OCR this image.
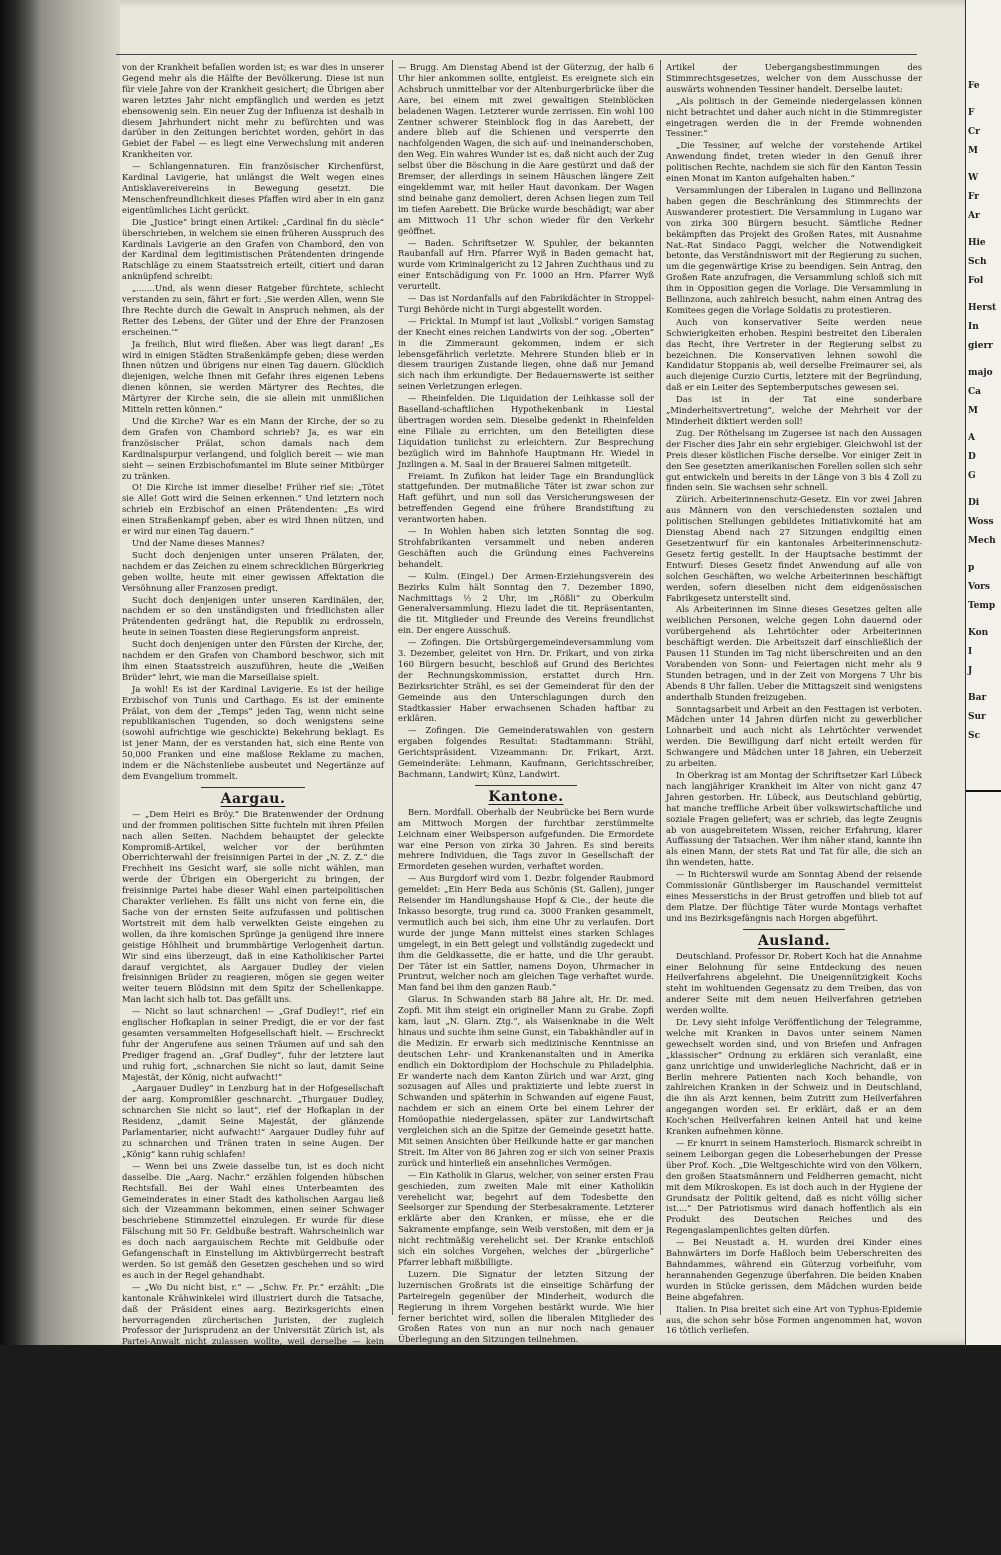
von der Krankheit befallen worden ist; es war dies in unserer Gegend mehr als die Hälfte der Bevölkerung. Diese ist nun für viele Jahre von der Krankheit gesichert; die Übrigen aber waren letztes Jahr nicht empfänglich und werden es jetzt ebensowenig sein. Ein neuer Zug der Influenza ist deshalb in diesem Jahrhundert nicht mehr zu befürchten und was darüber in den Zeitungen berichtet worden, gehört in das Gebiet der Fabel — es liegt eine Verwechslung mit anderen Krankheiten vor.

— Schlangennaturen. Ein französischer Kirchenfürst, Kardinal Lavigerie, hat unlängst die Welt wegen eines Antisklavereivereins in Bewegung gesetzt. Die Menschenfreundlichkeit dieses Pfaffen wird aber in ein ganz eigentümliches Licht gerückt.

Die „Justice“ bringt einen Artikel: „Cardinal fin du siècle“ überschrieben, in welchem sie einen früheren Ausspruch des Kardinals Lavigerie an den Grafen von Chambord, den von der Kardinal dem legitimistischen Prätendenten dringende Ratschläge zu einem Staatsstreich erteilt, citiert und daran anknüpfend schreibt:

„.......Und, als wenn dieser Ratgeber fürchtete, schlecht verstanden zu sein, fährt er fort: ‚Sie werden Allen, wenn Sie Ihre Rechte durch die Gewalt in Anspruch nehmen, als der Retter des Lebens, der Güter und der Ehre der Franzosen erscheinen.‘“

Ja freilich, Blut wird fließen. Aber was liegt daran! „Es wird in einigen Städten Straßenkämpfe geben; diese werden Ihnen nützen und übrigens nur einen Tag dauern. Glücklich diejenigen, welche Ihnen mit Gefahr ihres eigenen Lebens dienen können, sie werden Märtyrer des Rechtes, die Märtyrer der Kirche sein, die sie allein mit unmißlichen Mitteln retten können.“

Und die Kirche? War es ein Mann der Kirche, der so zu dem Grafen von Chambord schrieb? Ja, es war ein französischer Prälat, schon damals nach dem Kardinalspurpur verlangend, und folglich bereit — wie man sieht — seinen Erzbischofsmantel im Blute seiner Mitbürger zu tränken.

O! Die Kirche ist immer dieselbe! Früher rief sie: „Tötet sie Alle! Gott wird die Seinen erkennen.“ Und letztern noch schrieb ein Erzbischof an einen Prätendenten: „Es wird einen Straßenkampf geben, aber es wird Ihnen nützen, und er wird nur einen Tag dauern.“

Und der Name dieses Mannes?

Sucht doch denjenigen unter unseren Prälaten, der, nachdem er das Zeichen zu einem schrecklichen Bürgerkrieg geben wollte, heute mit einer gewissen Affektation die Versöhnung aller Franzosen predigt.

Sucht doch denjenigen unter unseren Kardinälen, der, nachdem er so den unständigsten und friedlichsten aller Prätendenten gedrängt hat, die Republik zu erdrosseln, heute in seinen Toasten diese Regierungsform anpreist.

Sucht doch denjenigen unter den Fürsten der Kirche, der, nachdem er den Grafen von Chambord beschwor, sich mit ihm einen Staatsstreich auszuführen, heute die „Weißen Brüder“ lehrt, wie man die Marseillaise spielt.

Ja wohl! Es ist der Kardinal Lavigerie. Es ist der heilige Erzbischof von Tunis und Carthago. Es ist der eminente Prälat, von dem der „Temps“ jeden Tag, wenn nicht seine republikanischen Tugenden, so doch wenigstens seine (sowohl aufrichtige wie geschickte) Bekehrung beklagt. Es ist jener Mann, der es verstanden hat, sich eine Rente von 50,000 Franken und eine maßlose Reklame zu machen, indem er die Nächstenliebe ausbeutet und Negertänze auf dem Evangelium trommelt.

Aargau.

— „Dem Heiri es Bröy.“ Die Bratenwender der Ordnung und der frommen politischen Sitte fuchteln mit ihren Pfeilen nach allen Seiten. Nachdem behauptet der geleckte Kompromiß-Artikel, welcher vor der berühmten Oberrichterwahl der freisinnigen Partei in der „N. Z. Z.“ die Frechheit ins Gesicht warf, sie solle nicht wählen, man werde der Übrigen ein Obergericht zu bringen, der freisinnige Partei habe dieser Wahl einen parteipolitischen Charakter verliehen. Es fällt uns nicht von ferne ein, die Sache von der ernsten Seite aufzufassen und politischen Wortstreit mit dem halb verwelkten Geiste eingehen zu wollen, da ihre komischen Sprünge ja genügend ihre innere geistige Höhlheit und brummbärtige Verlogenheit dartun. Wir sind eins überzeugt, daß in eine Katholikischer Partei darauf vergichtet, als Aargauer Dudley der vielen freisinnigen Brüder zu reagieren, mögen sie gegen weiter weiter teuern Blödsinn mit dem Spitz der Schellenkappe. Man lacht sich halb tot. Das gefällt uns.

— Nicht so laut schnarchen! — „Graf Dudley!“, rief ein englischer Hofkaplan in seiner Predigt, die er vor der fast gesamten versammelten Hofgesellschaft hielt. — Erschreckt fuhr der Angerufene aus seinen Träumen auf und sah den Prediger fragend an. „Graf Dudley“, fuhr der letztere laut und ruhig fort, „schnarchen Sie nicht so laut, damit Seine Majestät, der König, nicht aufwacht!“

„Aargauer Dudley“ in Lenzburg hat in der Hofgesellschaft der aarg. Kompromißler geschnarcht. „Thurgauer Dudley, schnarchen Sie nicht so laut“, rief der Hofkaplan in der Residenz, „damit Seine Majestät, der glänzende Parlamentarier, nicht aufwacht!“ Aargauer Dudley fuhr auf zu schnarchen und Tränen traten in seine Augen. Der „König“ kann ruhig schlafen!

— Wenn bei uns Zweie dasselbe tun, ist es doch nicht dasselbe. Die „Aarg. Nachr.“ erzählen folgenden hübschen Rechtsfall. Bei der Wahl eines Unterbeamten des Gemeinderates in einer Stadt des katholischen Aargau ließ sich der Vizeammann bekommen, einen seiner Schwager beschriebene Stimmzettel einzulegen. Er wurde für diese Fälschung mit 50 Fr. Geldbuße bestraft. Wahrscheinlich war es doch nach aargauischem Rechte mit Geldbuße oder Gefangenschaft in Einstellung im Aktivbürgerrecht bestraft werden. So ist gemäß den Gesetzen geschehen und so wird es auch in der Regel gehandhabt.

— „Wo Du nicht bist, r.“ — „Schw. Fr. Pr.“ erzählt: „Die kantonale Krähwinkelei wird illustriert durch die Tatsache, daß der Präsident eines aarg. Bezirksgerichts einen hervorragenden zürcherischen Juristen, der zugleich Professor der Jurisprudenz an der Universität Zürich ist, als Partei-Anwalt nicht zulassen wollte, weil derselbe — kein aargauisches Fürsprecherpatent hat!“

— Viehpolizei. In Anbetracht der neuen eidg. Vollziehungsverordnung zu den Viehseuchengesetzen, welche den Viehinspektoren namhafte Pflichten auferlegt, deren Nachachtung mit strenger Ahndung bedroht ist, findet das Verfahren nächster Tage für die Viehinspektoren unter Zuziehung der Bezirkstierärzte Kurse statt, in welchen diesen Beamten die Pflichten erläutert und dieselben in das Amt eingeführt werden.

— Brugg. Am Dienstag Abend ist der Güterzug, der halb 6 Uhr hier ankommen sollte, entgleist. Es ereignete sich ein Achsbruch unmittelbar vor der Altenburgerbrücke über die Aare, bei einem mit zwei gewaltigen Steinblöcken beladenen Wagen. Letzterer wurde zerrissen. Ein wohl 100 Zentner schwerer Steinblock flog in das Aarebett, der andere blieb auf die Schienen und versperrte den nachfolgenden Wagen, die sich auf- und ineinanderschoben, den Weg. Ein wahres Wunder ist es, daß nicht auch der Zug selbst über die Böschung in die Aare gestürzt und daß der Bremser, der allerdings in seinem Häuschen längere Zeit eingeklemmt war, mit heiler Haut davonkam. Der Wagen sind beinahe ganz demoliert, deren Achsen liegen zum Teil im tiefen Aarebett. Die Brücke wurde beschädigt; war aber am Mittwoch 11 Uhr schon wieder für den Verkehr geöffnet.

— Baden. Schriftsetzer W. Spuhler, der bekannten Raubanfall auf Hrn. Pfarrer Wyß in Baden gemacht hat, wurde vom Kriminalgericht zu 12 Jahren Zuchthaus und zu einer Entschädigung von Fr. 1000 an Hrn. Pfarrer Wyß verurteilt.

— Das ist Nordanfalls auf den Fabrikdächter in Stroppel-Turgi Behörde nicht in Turgi abgestellt worden.

— Fricktal. In Mumpf ist laut „Volksbl.“ vorigen Samstag der Knecht eines reichen Landwirts von der sog. „Oberten“ in die Zimmeraunt gekommen, indem er sich lebensgefährlich verletzte. Mehrere Stunden blieb er in diesem traurigen Zustande liegen, ohne daß nur Jemand sich nach ihm erkundigte. Der Bedauernswerte ist seither seinen Verletzungen erlegen.

— Rheinfelden. Die Liquidation der Leihkasse soll der Baselland-schaftlichen Hypothekenbank in Liestal übertragen worden sein. Dieselbe gedenkt in Rheinfelden eine Filiale zu errichten, um den Beteiligten diese Liquidation tunlichst zu erleichtern. Zur Besprechung bezüglich wird im Bahnhofe Hauptmann Hr. Wiedel in Jnzlingen a. M. Saal in der Brauerei Salmen mitgeteilt.

Freiamt. In Zufikon hat leider Tage ein Brandunglück stattgefunden. Der mutmaßliche Täter ist zwar schon zur Haft geführt, und nun soll das Versicherungswesen der betreffenden Gegend eine frühere Brandstiftung zu verantworten haben.

— In Wohlen haben sich letzten Sonntag die sog. Strohfabrikanten versammelt und neben anderen Geschäften auch die Gründung eines Fachvereins behandelt.

— Kulm. (Eingel.) Der Armen-Erziehungsverein des Bezirks Kulm hält Sonntag den 7. Dezember 1890, Nachmittags ½ 2 Uhr, im „Rößli“ zu Oberkulm Generalversammlung. Hiezu ladet die tit. Repräsentanten, die tit. Mitglieder und Freunde des Vereins freundlichst ein. Der engere Ausschuß.

— Zofingen. Die Ortsbürgergemeindeversammlung vom 3. Dezember, geleitet von Hrn. Dr. Frikart, und von zirka 160 Bürgern besucht, beschloß auf Grund des Berichtes der Rechnungskommission, erstattet durch Hrn. Bezirksrichter Strähl, es sei der Gemeinderat für den der Gemeinde aus den Unterschlagungen durch den Stadtkassier Haber erwachsenen Schaden haftbar zu erklären.

— Zofingen. Die Gemeinderatswahlen von gestern ergaben folgendes Resultat: Stadtammann: Strähl, Gerichtspräsident. Vizeammann: Dr. Frikart, Arzt. Gemeinderäte: Lehmann, Kaufmann, Gerichtsschreiber, Bachmann, Landwirt; Künz, Landwirt.

Kantone.

Bern. Mordfall. Oberhalb der Neubrücke bei Bern wurde am Mittwoch Morgen der furchtbar zerstümmelte Leichnam einer Weibsperson aufgefunden. Die Ermordete war eine Person von zirka 30 Jahren. Es sind bereits mehrere Individuen, die Tags zuvor in Gesellschaft der Ermordeten gesehen wurden, verhaftet worden.

— Aus Burgdorf wird vom 1. Dezbr. folgender Raubmord gemeldet: „Ein Herr Beda aus Schönis (St. Gallen), junger Reisender im Handlungshause Hopf & Cie., der heute die Inkasso besorgte, trug rund ca. 3000 Franken gesammelt, vermutlich auch bei sich, ihm eine Uhr zu verlaufen. Dort wurde der junge Mann mittelst eines starken Schlages umgelegt, in ein Bett gelegt und vollständig zugedeckt und ihm die Geldkassette, die er hatte, und die Uhr geraubt. Der Täter ist ein Sattler, namens Doyon, Uhrmacher in Pruntrut, welcher noch am gleichen Tage verhaftet wurde. Man fand bei ihm den ganzen Raub.“

Glarus. In Schwanden starb 88 Jahre alt, Hr. Dr. med. Zopfi. Mit ihm steigt ein origineller Mann zu Grabe. Zopfi kam, laut „N. Glarn. Ztg.“, als Waisenknabe in die Welt hinaus und suchte ihm seine Gunst, ein Tabakhändler auf in die Medizin. Er erwarb sich medizinische Kenntnisse an deutschen Lehr- und Krankenanstalten und in Amerika endlich ein Doktordiplom der Hochschule zu Philadelphia. Er wanderte nach dem Kanton Zürich und war Arzt, ging sozusagen auf Alles und praktizierte und lebte zuerst in Schwanden und späterhin in Schwanden auf eigene Faust, nachdem er sich an einem Orte bei einem Lehrer der Homöopathie niedergelassen, später zur Landwirtschaft vergleichen sich an die Spitze der Gemeinde gesetzt hatte. Mit seinen Ansichten über Heilkunde hatte er gar manchen Streit. Im Alter von 86 Jahren zog er sich von seiner Praxis zurück und hinterließ ein ansehnliches Vermögen.

— Ein Katholik in Glarus, welcher, von seiner ersten Frau geschieden, zum zweiten Male mit einer Katholikin verehelicht war, begehrt auf dem Todesbette den Seelsorger zur Spendung der Sterbesakramente. Letzterer erklärte aber den Kranken, er müsse, ehe er die Sakramente empfange, sein Weib verstoßen, mit dem er ja nicht rechtmäßig verehelicht sei. Der Kranke entschloß sich ein solches Vorgehen, welches der „bürgerliche“ Pfarrer lebhaft mißbilligte.

Luzern. Die Signatur der letzten Sitzung der luzernischen Großrats ist die einseitige Schärfung der Parteiregeln gegenüber der Minderheit, wodurch die Regierung in ihrem Vorgehen bestärkt wurde. Wie hier ferner berichtet wird, sollen die liberalen Mitglieder des Großen Rates von nun an nur noch nach genauer Überlegung an den Sitzungen teilnehmen.

St. Gallen. Im Rheintal ist die Lust zur Auswanderung erwacht; aus Rheineck sind schon viele Personen nach Brasilien ausgewandert, und mehrere Familien nach der südamerikanischen Schweizerkolonie „Alpina“ abgereist und andere gedenken ihnen zu folgen, sobald sie sich nähere Nachrichten verschafft haben.

Solothurn. Staatshaushalt. Die Jahresrechnung pro 1889 schloß mit Fr. 1,794,982. 55 Einnahmen und Fr. 1,781,562. 92 Ausgaben, mit einem Ueberschuß der Einnahmen von Fr. 12,419. 63 ab; das Budget pro 1891 sieht Fr. 1,727,148 Einnahmen und Fr. 1,941,269 Ausgaben einen Ausgabenüberschuß von Fr. 214,121 vor. Die Berichte des Finanzdepartements gelangt für Hinblick auf das letztere Resultat, daß der Zeitpunkt nunmehr gekommen sei, den Staat in Form einer direkten Staatssteuer eine neue Einnahmsquelle zu verschaffen.

Tessin. Der Ausgleich im Kanton Tessin wird weiter gefährdet. Ein Teil der Freisinnigen erhebt sich gegen denjenigen

Artikel der Uebergangsbestimmungen des Stimmrechtsgesetzes, welcher von dem Ausschusse der auswärts wohnenden Tessiner handelt. Derselbe lautet:

„Als politisch in der Gemeinde niedergelassen können nicht betrachtet und daher auch nicht in die Stimmregister eingetragen werden die in der Fremde wohnenden Tessiner.“

„Die Tessiner, auf welche der vorstehende Artikel Anwendung findet, treten wieder in den Genuß ihrer politischen Rechte, nachdem sie sich für den Kanton Tessin einen Monat im Kanton aufgehalten haben.“

Versammlungen der Liberalen in Lugano und Bellinzona haben gegen die Beschränkung des Stimmrechts der Auswanderer protestiert. Die Versammlung in Lugano war von zirka 300 Bürgern besucht. Sämtliche Redner bekämpften das Projekt des Großen Rates, mit Ausnahme Nat.-Rat Sindaco Paggi, welcher die Notwendigkeit betonte, das Verständniswort mit der Regierung zu suchen, um die gegenwärtige Krise zu beendigen. Sein Antrag, den Großen Rate anzufragen, die Versammlung schloß sich mit ihm in Opposition gegen die Vorlage. Die Versammlung in Bellinzona, auch zahlreich besucht, nahm einen Antrag des Komitees gegen die Vorlage Soldatis zu protestieren.

Auch von konservativer Seite werden neue Schwierigkeiten erhoben. Respini bestreitet den Liberalen das Recht, ihre Vertreter in der Regierung selbst zu bezeichnen. Die Konservativen lehnen sowohl die Kandidatur Stoppanis ab, weil derselbe Freimaurer sei, als auch diejenige Curzio Curtis, letztere mit der Begründung, daß er ein Leiter des Septemberputsches gewesen sei.

Das ist in der Tat eine sonderbare „Minderheitsvertretung“, welche der Mehrheit vor der Minderheit diktiert werden soll!

Zug. Der Röthelsang im Zugersee ist nach den Aussagen der Fischer dies Jahr ein sehr ergiebiger. Gleichwohl ist der Preis dieser köstlichen Fische derselbe. Vor einiger Zeit in den See gesetzten amerikanischen Forellen sollen sich sehr gut entwickeln und bereits in der Länge von 3 bis 4 Zoll zu finden sein. Sie wachsen sehr schnell.

Zürich. Arbeiterinnenschutz-Gesetz. Ein vor zwei Jahren aus Männern von den verschiedensten sozialen und politischen Stellungen gebildetes Initiativkomité hat am Dienstag Abend nach 27 Sitzungen endgiltig einen Gesetzentwurf für ein kantonales Arbeiterinnenschutz-Gesetz fertig gestellt. In der Hauptsache bestimmt der Entwurf: Dieses Gesetz findet Anwendung auf alle von solchen Geschäften, wo welche Arbeiterinnen beschäftigt werden, sofern dieselben nicht dem eidgenössischen Fabrikgesetz unterstellt sind.

Als Arbeiterinnen im Sinne dieses Gesetzes gelten alle weiblichen Personen, welche gegen Lohn dauernd oder vorübergehend als Lehrtöchter oder Arbeiterinnen beschäftigt werden. Die Arbeitszeit darf einschließlich der Pausen 11 Stunden im Tag nicht überschreiten und an den Vorabenden von Sonn- und Feiertagen nicht mehr als 9 Stunden betragen, und in der Zeit von Morgens 7 Uhr bis Abends 8 Uhr fallen. Ueber die Mittagszeit sind wenigstens anderthalb Stunden freizugeben.

Sonntagsarbeit und Arbeit an den Festtagen ist verboten. Mädchen unter 14 Jahren dürfen nicht zu gewerblicher Lohnarbeit und auch nicht als Lehrtöchter verwendet werden. Die Bewilligung darf nicht erteilt werden für Schwangere und Mädchen unter 18 Jahren, ein Ueberzeit zu arbeiten.

In Oberkrag ist am Montag der Schriftsetzer Karl Lübeck nach langjähriger Krankheit im Alter von nicht ganz 47 Jahren gestorben. Hr. Lübeck, aus Deutschland gebürtig, hat manche treffliche Arbeit über volkswirtschaftliche und soziale Fragen geliefert; was er schrieb, das legte Zeugnis ab von ausgebreitetem Wissen, reicher Erfahrung, klarer Auffassung der Tatsachen. Wer ihm näher stand, kannte ihn als einen Mann, der stets Rat und Tat für alle, die sich an ihn wendeten, hatte.

— In Richterswil wurde am Sonntag Abend der reisende Commissionär Güntlisberger im Rauschandel vermittelst eines Messerstichs in der Brust getroffen und blieb tot auf dem Platze. Der flüchtige Täter wurde Montags verhaftet und ins Bezirksgefängnis nach Horgen abgeführt.

Ausland.

Deutschland. Professor Dr. Robert Koch hat die Annahme einer Belohnung für seine Entdeckung des neuen Heilverfahrens abgelehnt. Die Uneigennützigkeit Kochs steht im wohltuenden Gegensatz zu dem Treiben, das von anderer Seite mit dem neuen Heilverfahren getrieben werden wollte.

Dr. Levy sieht infolge Veröffentlichung der Telegramme, welche mit Kranken in Davos unter seinem Namen gewechselt worden sind, und von Briefen und Anfragen „klassischer“ Ordnung zu erklären sich veranlaßt, eine ganz unrichtige und unwiderlegliche Nachricht, daß er in Berlin mehrere Patienten nach Koch behandle, von zahlreichen Kranken in der Schweiz und in Deutschland, die ihn als Arzt kennen, beim Zutritt zum Heilverfahren angegangen worden sei. Er erklärt, daß er an dem Koch'schen Heilverfahren keinen Anteil hat und keine Kranken aufnehmen könne.

— Er knurrt in seinem Hamsterloch. Bismarck schreibt in seinem Leiborgan gegen die Lobeserhebungen der Presse über Prof. Koch. „Die Weltgeschichte wird von den Völkern, den großen Staatsmännern und Feldherren gemacht, nicht mit dem Mikroskopen. Es ist doch auch in der Hygiene der Grundsatz der Politik geltend, daß es nicht völlig sicher ist....“ Der Patriotismus wird danach hoffentlich als ein Produkt des Deutschen Reiches und des Regengaslampenlichtes gelten dürfen.

— Bei Neustadt a. H. wurden drei Kinder eines Bahnwärters im Dorfe Haßloch beim Ueberschreiten des Bahndammes, während ein Güterzug vorbeifuhr, vom herannahenden Gegenzuge überfahren. Die beiden Knaben wurden in Stücke gerissen, dem Mädchen wurden beide Beine abgefahren.

Italien. In Pisa breitet sich eine Art von Typhus-Epidemie aus, die schon sehr böse Formen angenommen hat, wovon 16 tötlich verliefen.

Fe
F
Cr
M
W
Fr
Ar
Hie
Sch
Fol
Herst
In
gierr
majo
Ca
M
A
D
G
Di
Woss
Mech
p
Vors
Temp
Kon
I
J
Bar
Sur
Sc
